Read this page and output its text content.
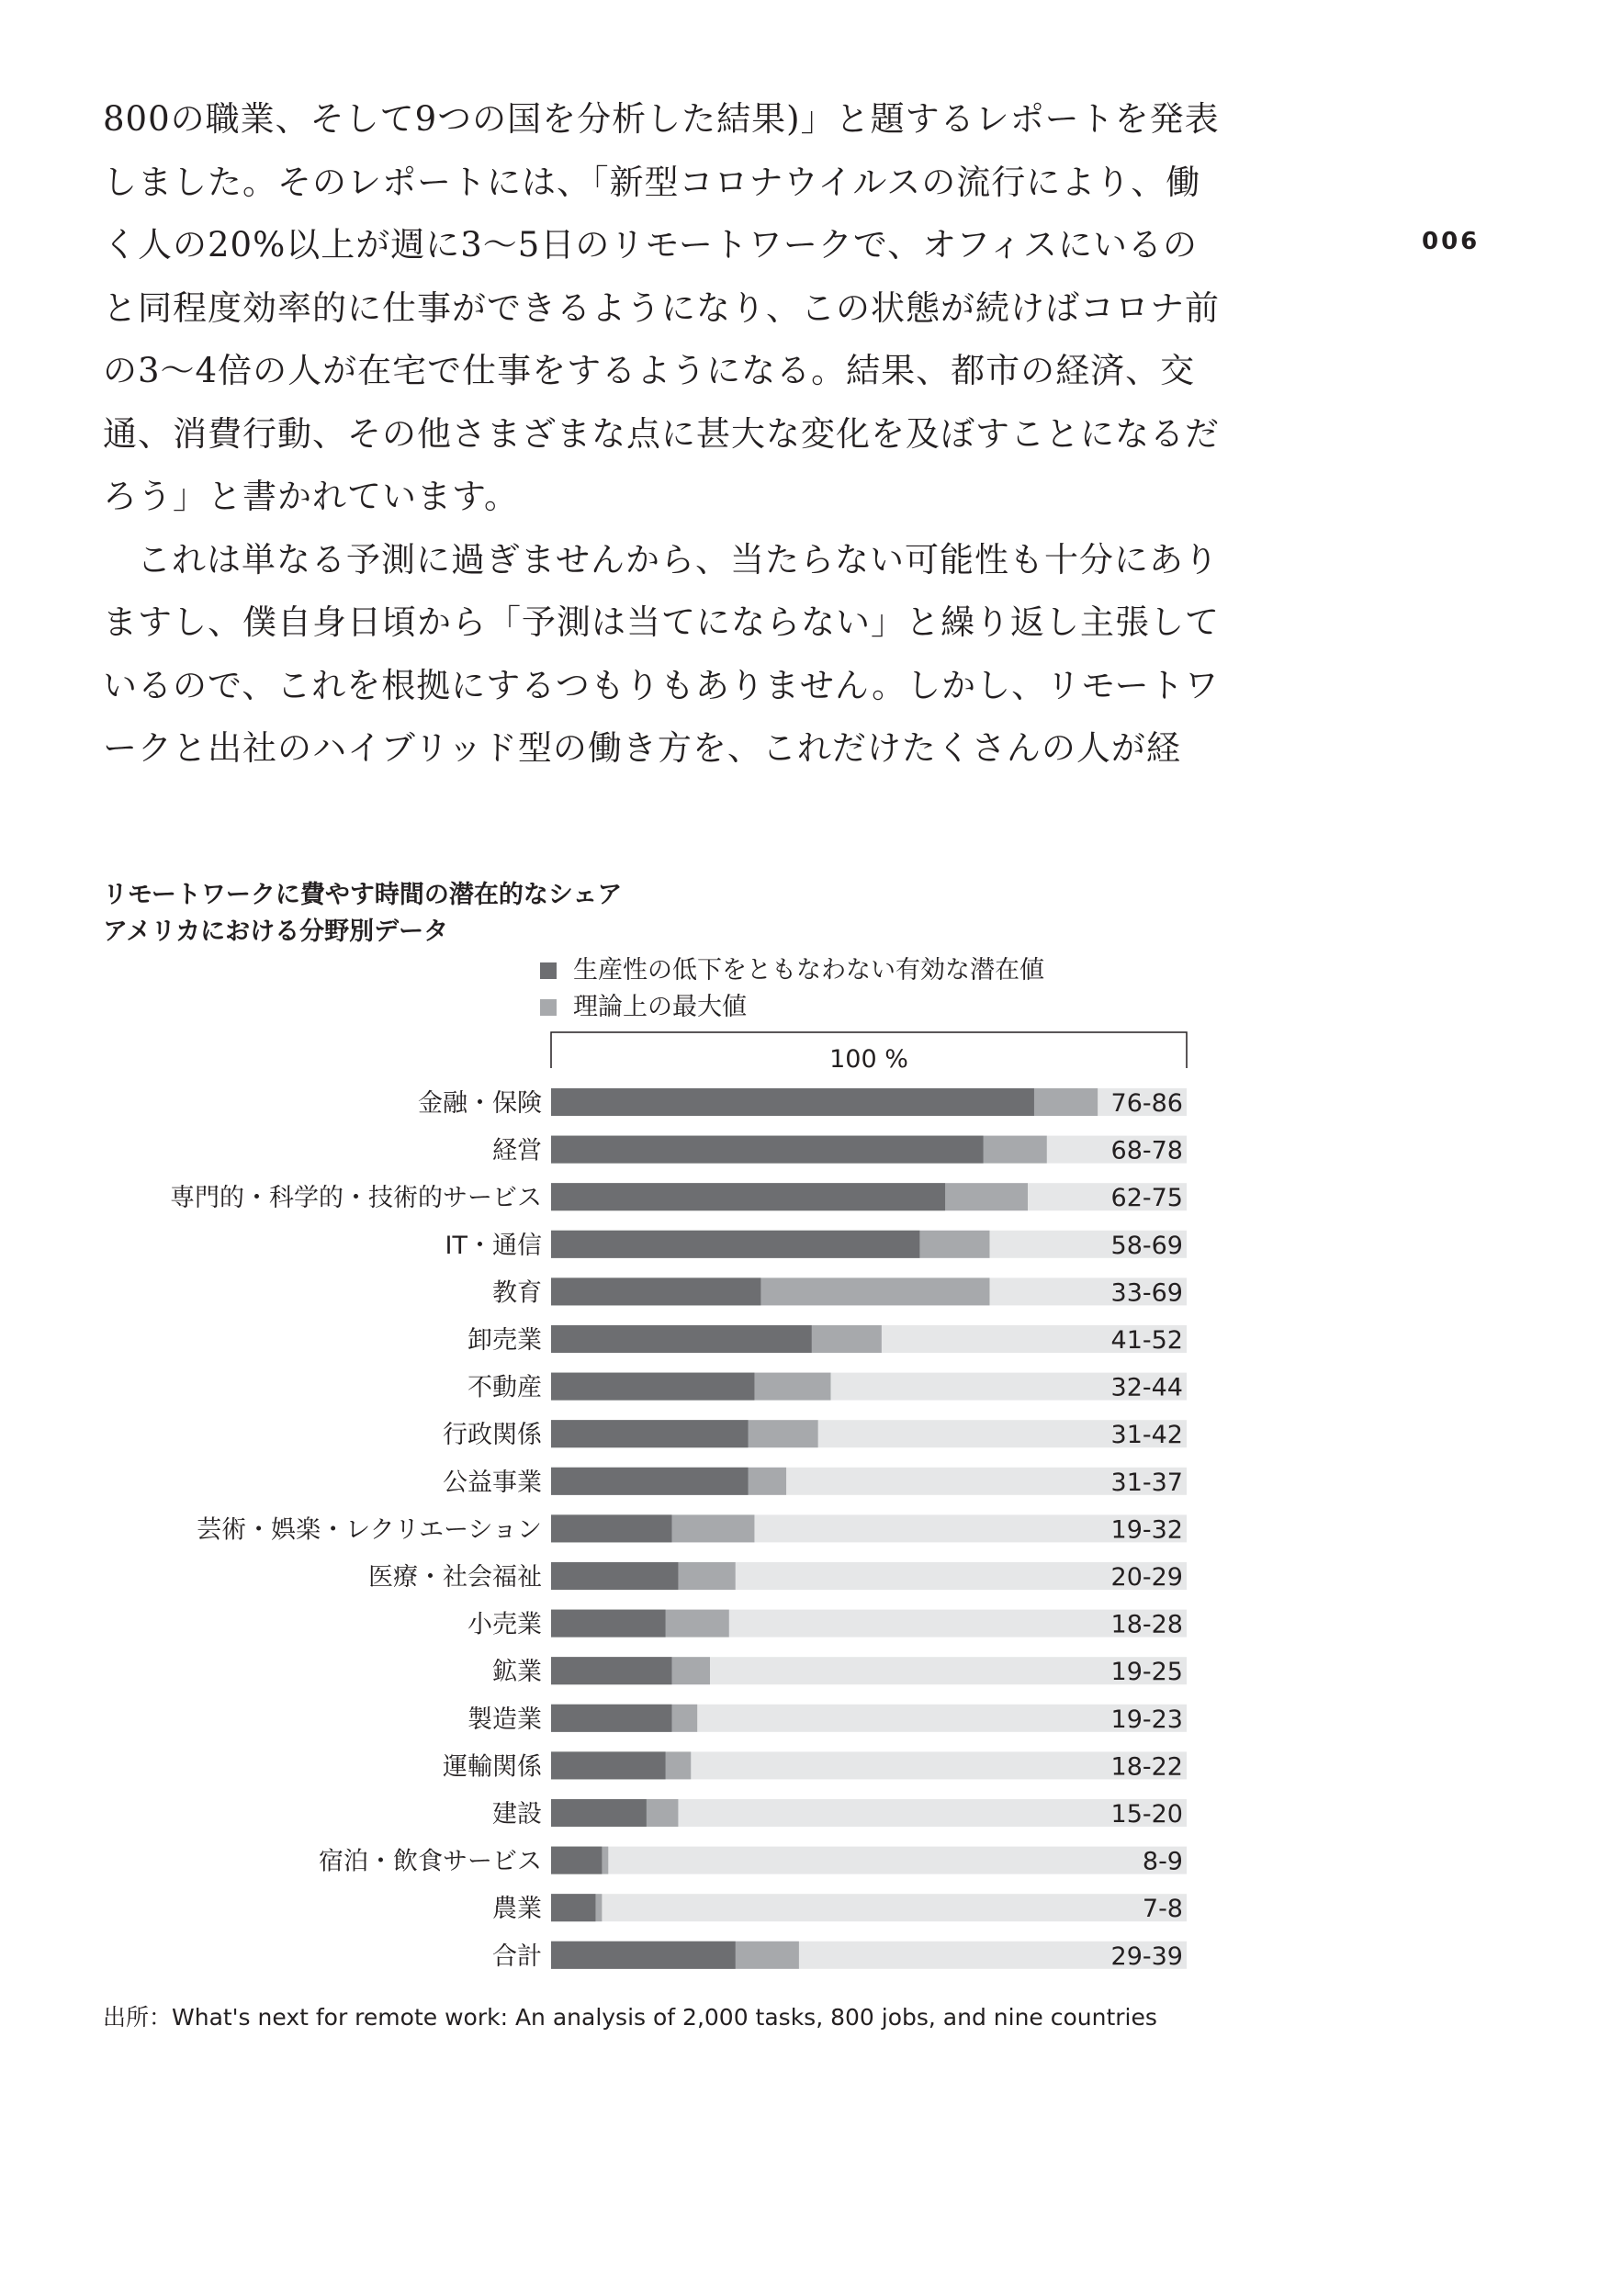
006

800の職業、そして9つの国を分析した結果)」と題するレポートを発表しました。そのレポートには、「新型コロナウイルスの流行により、働く人の20%以上が週に3〜5日のリモートワークで、オフィスにいるのと同程度効率的に仕事ができるようになり、この状態が続けばコロナ前の3〜4倍の人が在宅で仕事をするようになる。結果、都市の経済、交通、消費行動、その他さまざまな点に甚大な変化を及ぼすことになるだろう」と書かれています。

これは単なる予測に過ぎませんから、当たらない可能性も十分にありますし、僕自身日頃から「予測は当てにならない」と繰り返し主張しているので、これを根拠にするつもりもありません。しかし、リモートワークと出社のハイブリッド型の働き方を、これだけたくさんの人が経

リモートワークに費やす時間の潜在的なシェア
アメリカにおける分野別データ
生産性の低下をともなわない有効な潜在値
理論上の最大値
100 %
金融・保険	76-86
経営	68-78
専門的・科学的・技術的サービス	62-75
IT・通信	58-69
教育	33-69
卸売業	41-52
不動産	32-44
行政関係	31-42
公益事業	31-37
芸術・娯楽・レクリエーション	19-32
医療・社会福祉	20-29
小売業	18-28
鉱業	19-25
製造業	19-23
運輸関係	18-22
建設	15-20
宿泊・飲食サービス	8-9
農業	7-8
合計	29-39
出所：What's next for remote work: An analysis of 2,000 tasks, 800 jobs, and nine countries
